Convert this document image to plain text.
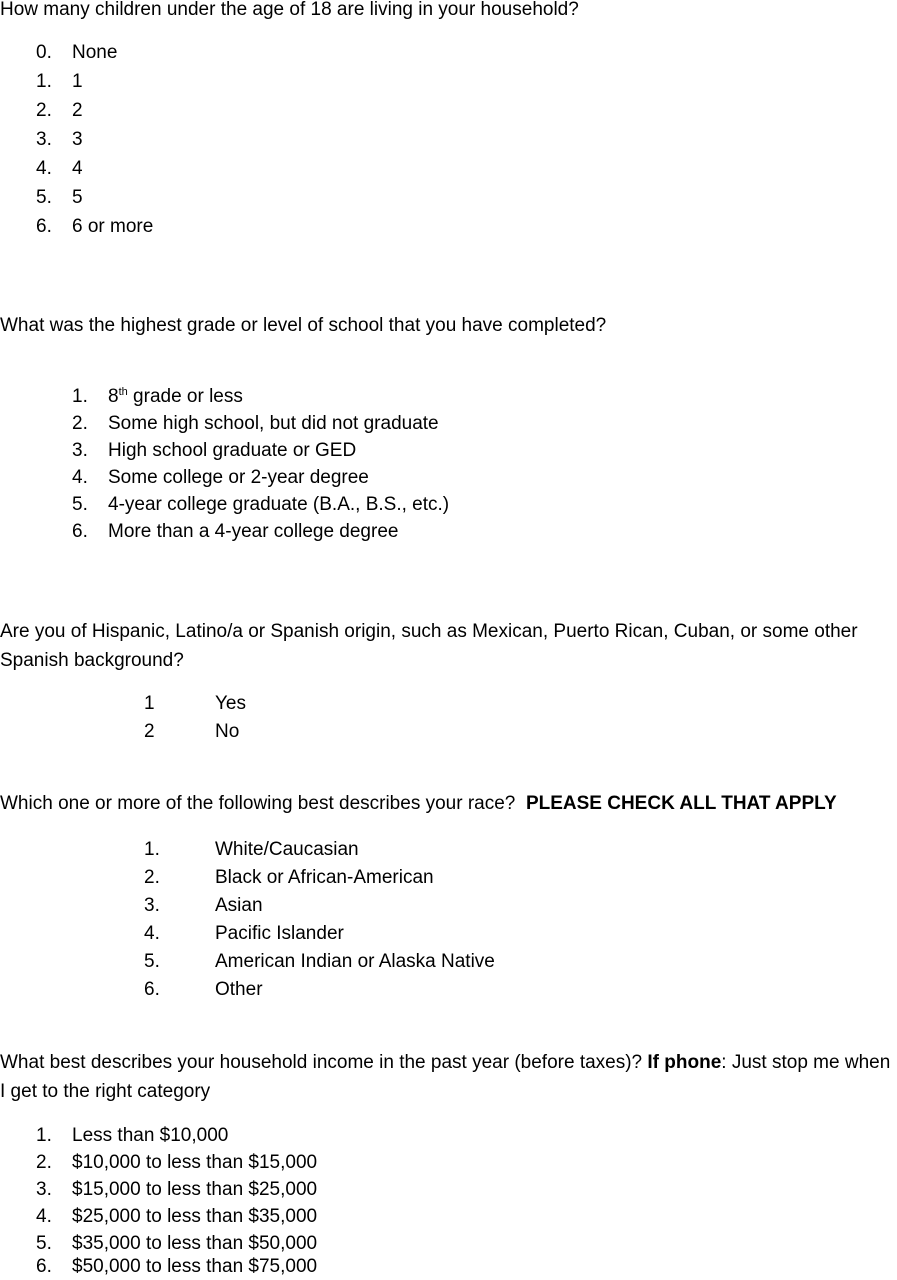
How many children under the age of 18 are living in your household?

0. None
1. 1
2. 2
3. 3
4. 4
5. 5
6. 6 or more

What was the highest grade or level of school that you have completed?

1. 8th grade or less
2. Some high school, but did not graduate
3. High school graduate or GED
4. Some college or 2-year degree
5. 4-year college graduate (B.A., B.S., etc.)
6. More than a 4-year college degree

Are you of Hispanic, Latino/a or Spanish origin, such as Mexican, Puerto Rican, Cuban, or some other Spanish background?

1	Yes
2	No

Which one or more of the following best describes your race? PLEASE CHECK ALL THAT APPLY

1.	White/Caucasian
2.	Black or African-American
3.	Asian
4.	Pacific Islander
5.	American Indian or Alaska Native
6.	Other

What best describes your household income in the past year (before taxes)? If phone: Just stop me when I get to the right category

1. Less than $10,000
2. $10,000 to less than $15,000
3. $15,000 to less than $25,000
4. $25,000 to less than $35,000
5. $35,000 to less than $50,000
6. $50,000 to less than $75,000
